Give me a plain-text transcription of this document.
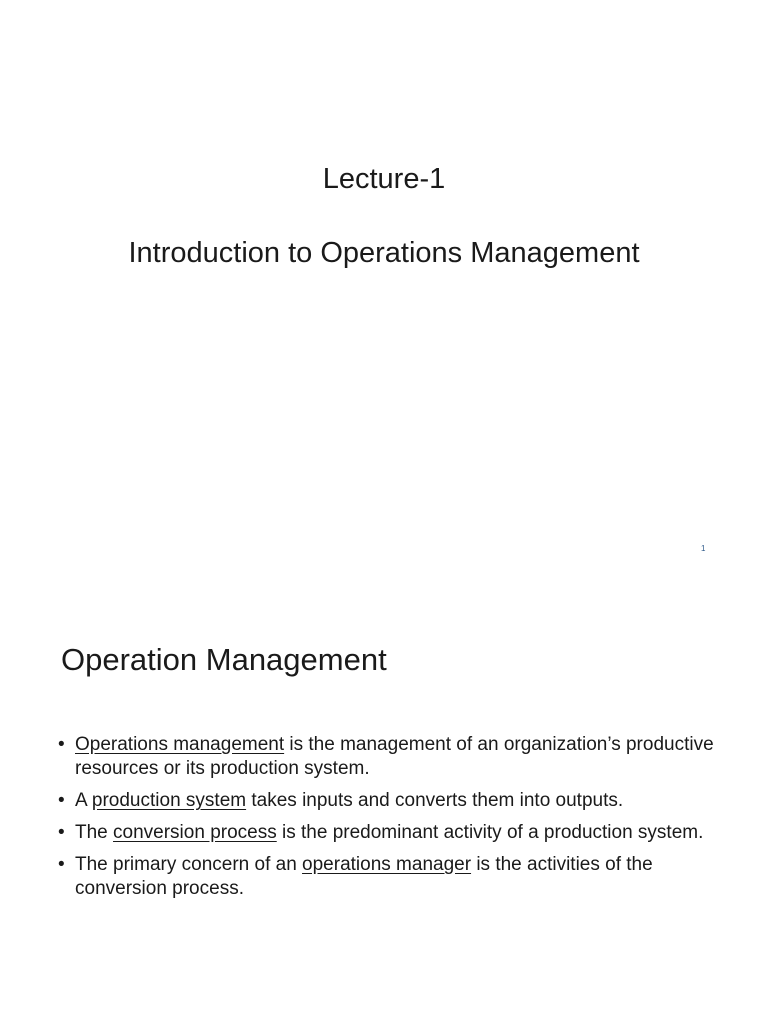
Lecture-1
Introduction to Operations Management
1
Operation Management
• Operations management is the management of an organization’s productive resources or its production system.
• A production system takes inputs and converts them into outputs.
• The conversion process is the predominant activity of a production system.
• The primary concern of an operations manager is the activities of the conversion process.
